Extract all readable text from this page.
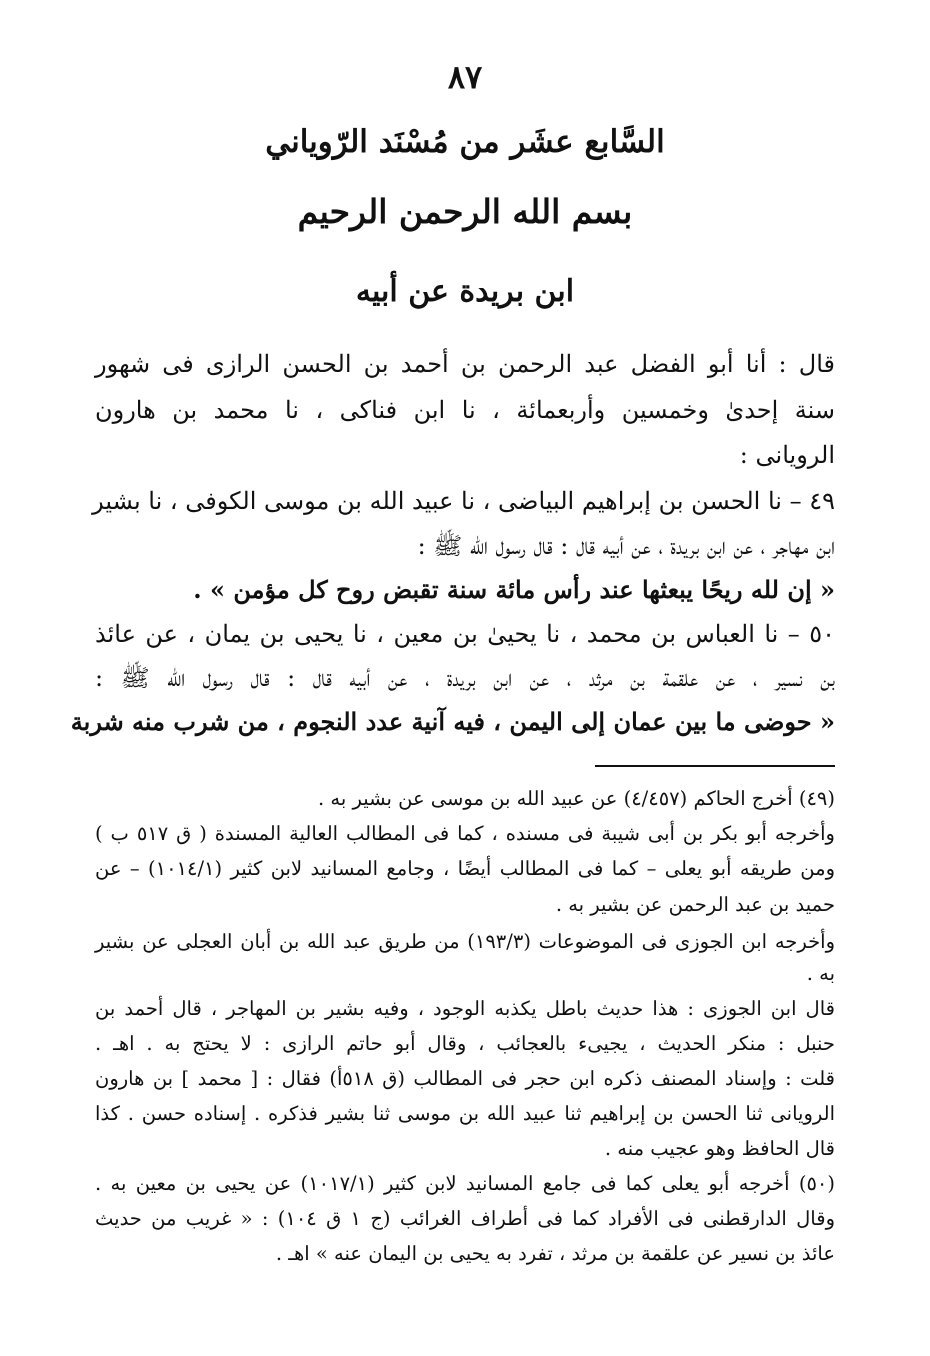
٨٧
السَّابع عشَر من مُسْنَد الرّوياني
بسم الله الرحمن الرحيم
ابن بريدة عن أبيه
قال : أنا أبو الفضل عبد الرحمن بن أحمد بن الحسن الرازى فى شهور
سنة إحدىٰ وخمسين وأربعمائة ، نا ابن فناكى ، نا محمد بن هارون
الرويانى :
٤٩ – نا الحسن بن إبراهيم البياضى ، نا عبيد الله بن موسى الكوفى ، نا بشير
ابن مهاجر ، عن ابن بريدة ، عن أبيه قال : قال رسول الله ﷺ :
« إن لله ريحًا يبعثها عند رأس مائة سنة تقبض روح كل مؤمن » .
٥٠ – نا العباس بن محمد ، نا يحيىٰ بن معين ، نا يحيى بن يمان ، عن عائذ
بن نسير ، عن علقمة بن مرثد ، عن ابن بريدة ، عن أبيه قال : قال رسول الله ﷺ :
« حوضى ما بين عمان إلى اليمن ، فيه آنية عدد النجوم ، من شرب منه شربة
(٤٩) أخرج الحاكم (٤/٤٥٧) عن عبيد الله بن موسى عن بشير به .
وأخرجه أبو بكر بن أبى شيبة فى مسنده ، كما فى المطالب العالية المسندة ( ق ٥١٧ ب )
ومن طريقه أبو يعلى – كما فى المطالب أيضًا ، وجامع المسانيد لابن كثير (١٠١٤/١) – عن
حميد بن عبد الرحمن عن بشير به .
وأخرجه ابن الجوزى فى الموضوعات (١٩٣/٣) من طريق عبد الله بن أبان العجلى عن بشير
به .
قال ابن الجوزى : هذا حديث باطل يكذبه الوجود ، وفيه بشير بن المهاجر ، قال أحمد بن
حنبل : منكر الحديث ، يجيىء بالعجائب ، وقال أبو حاتم الرازى : لا يحتج به . اهـ .
قلت : وإسناد المصنف ذكره ابن حجر فى المطالب (ق ٥١٨أ) فقال : [ محمد ] بن هارون
الرويانى ثنا الحسن بن إبراهيم ثنا عبيد الله بن موسى ثنا بشير فذكره . إسناده حسن . كذا
قال الحافظ وهو عجيب منه .
(٥٠) أخرجه أبو يعلى كما فى جامع المسانيد لابن كثير (١٠١٧/١) عن يحيى بن معين به .
وقال الدارقطنى فى الأفراد كما فى أطراف الغرائب (ج ١ ق ١٠٤) : « غريب من حديث
عائذ بن نسير عن علقمة بن مرثد ، تفرد به يحيى بن اليمان عنه » اهـ .
